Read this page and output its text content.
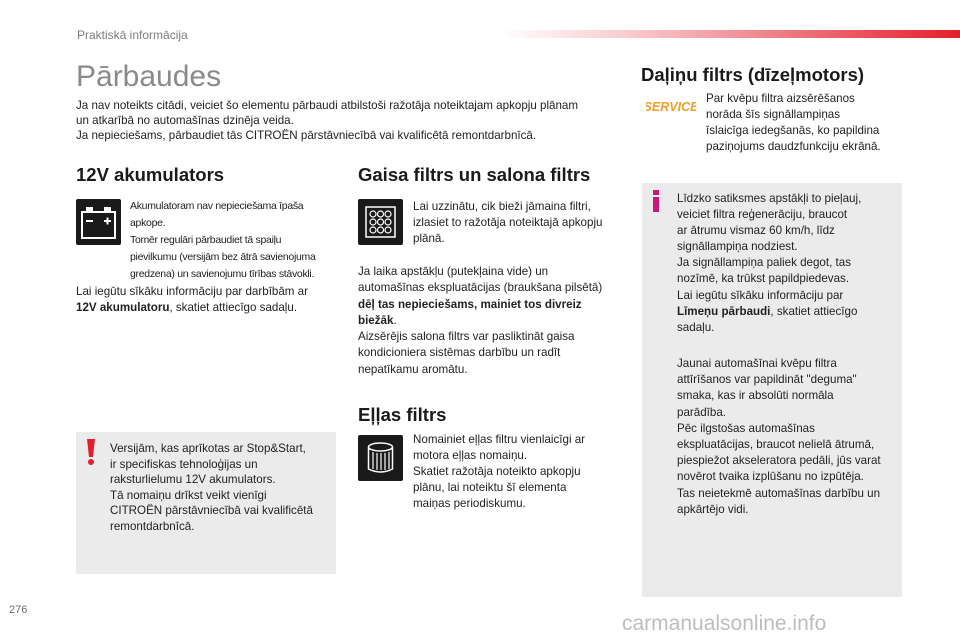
Praktiskā informācija
Pārbaudes
Ja nav noteikts citādi, veiciet šo elementu pārbaudi atbilstoši ražotāja noteiktajam apkopju plānam
un atkarībā no automašīnas dzinēja veida.
Ja nepieciešams, pārbaudiet tās CITROËN pārstāvniecībā vai kvalificētā remontdarbnīcā.
12V akumulators
Akumulatoram nav nepieciešama īpaša
apkope.
Tomēr regulāri pārbaudiet tā spaiļu
pievilkumu (versijām bez ātrā savienojuma
gredzena) un savienojumu tīrības stāvokli.
Lai iegūtu sīkāku informāciju par darbībām ar
12V akumulatoru, skatiet attiecīgo sadaļu.
Versijām, kas aprīkotas ar Stop&Start,
ir specifiskas tehnoloģijas un
raksturlielumu 12V akumulators.
Tā nomaiņu drīkst veikt vienīgi
CITROËN pārstāvniecībā vai kvalificētā
remontdarbnīcā.
Gaisa filtrs un salona filtrs
Lai uzzinātu, cik bieži jāmaina filtri,
izlasiet to ražotāja noteiktajā apkopju
plānā.
Ja laika apstākļu (putekļaina vide) un
automašīnas ekspluatācijas (braukšana pilsētā)
dēļ tas nepieciešams, mainiet tos divreiz
biežāk.
Aizsērējis salona filtrs var pasliktināt gaisa
kondicioniera sistēmas darbību un radīt
nepatīkamu aromātu.
Eļļas filtrs
Nomainiet eļļas filtru vienlaicīgi ar
motora eļļas nomaiņu.
Skatiet ražotāja noteikto apkopju
plānu, lai noteiktu šī elementa
maiņas periodiskumu.
Daļiņu filtrs (dīzeļmotors)
SERVICE
Par kvēpu filtra aizsērēšanos
norāda šīs signāllampiņas
īslaicīga iedegšanās, ko papildina
paziņojums daudzfunkciju ekrānā.
Līdzko satiksmes apstākļi to pieļauj,
veiciet filtra reģenerāciju, braucot
ar ātrumu vismaz 60 km/h, līdz
signāllampiņa nodziest.
Ja signāllampiņa paliek degot, tas
nozīmē, ka trūkst papildpiedevas.
Lai iegūtu sīkāku informāciju par
Līmeņu pārbaudi, skatiet attiecīgo
sadaļu.
Jaunai automašīnai kvēpu filtra
attīrīšanos var papildināt "deguma"
smaka, kas ir absolūti normāla
parādība.
Pēc ilgstošas automašīnas
ekspluatācijas, braucot nelielā ātrumā,
piespiežot akseleratora pedāli, jūs varat
novērot tvaika izplūšanu no izpūtēja.
Tas neietekmē automašīnas darbību un
apkārtējo vidi.
276
carmanualsonline.info
